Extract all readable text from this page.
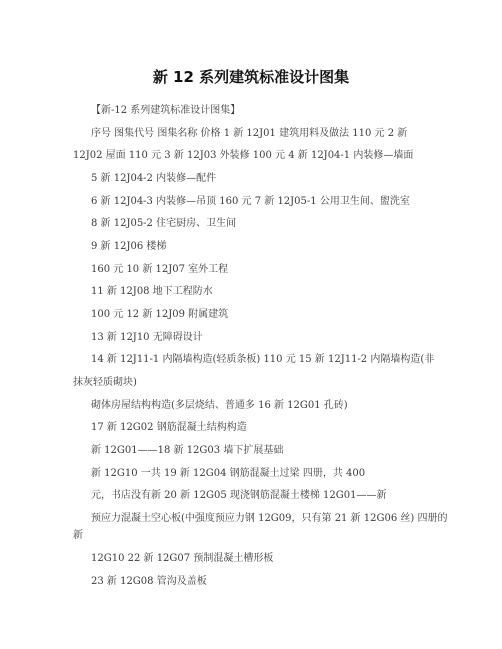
新 12 系列建筑标准设计图集
【新-12 系列建筑标准设计图集】
序号 图集代号 图集名称 价格 1 新 12J01 建筑用料及做法 110 元 2 新
12J02 屋面 110 元 3 新 12J03 外装修 100 元 4 新 12J04-1 内装修—墙面
5 新 12J04-2 内装修—配件
6 新 12J04-3 内装修—吊顶 160 元 7 新 12J05-1 公用卫生间、盥洗室
8 新 12J05-2 住宅厨房、卫生间
9 新 12J06 楼梯
160 元 10 新 12J07 室外工程
11 新 12J08 地下工程防水
100 元 12 新 12J09 附属建筑
13 新 12J10 无障碍设计
14 新 12J11-1 内隔墙构造(轻质条板) 110 元 15 新 12J11-2 内隔墙构造(非
抹灰轻质砌块)
砌体房屋结构构造(多层烧结、普通多 16 新 12G01 孔砖)
17 新 12G02 钢筋混凝土结构构造
新 12G01——18 新 12G03 墙下扩展基础
新 12G10 一共 19 新 12G04 钢筋混凝土过梁 四册，共 400
元，书店没有新 20 新 12G05 现浇钢筋混凝土楼梯 12G01——新
预应力混凝土空心板(中强度预应力钢 12G09，只有第 21 新 12G06 丝) 四册的
新
12G10 22 新 12G07 预制混凝土槽形板
23 新 12G08 管沟及盖板
